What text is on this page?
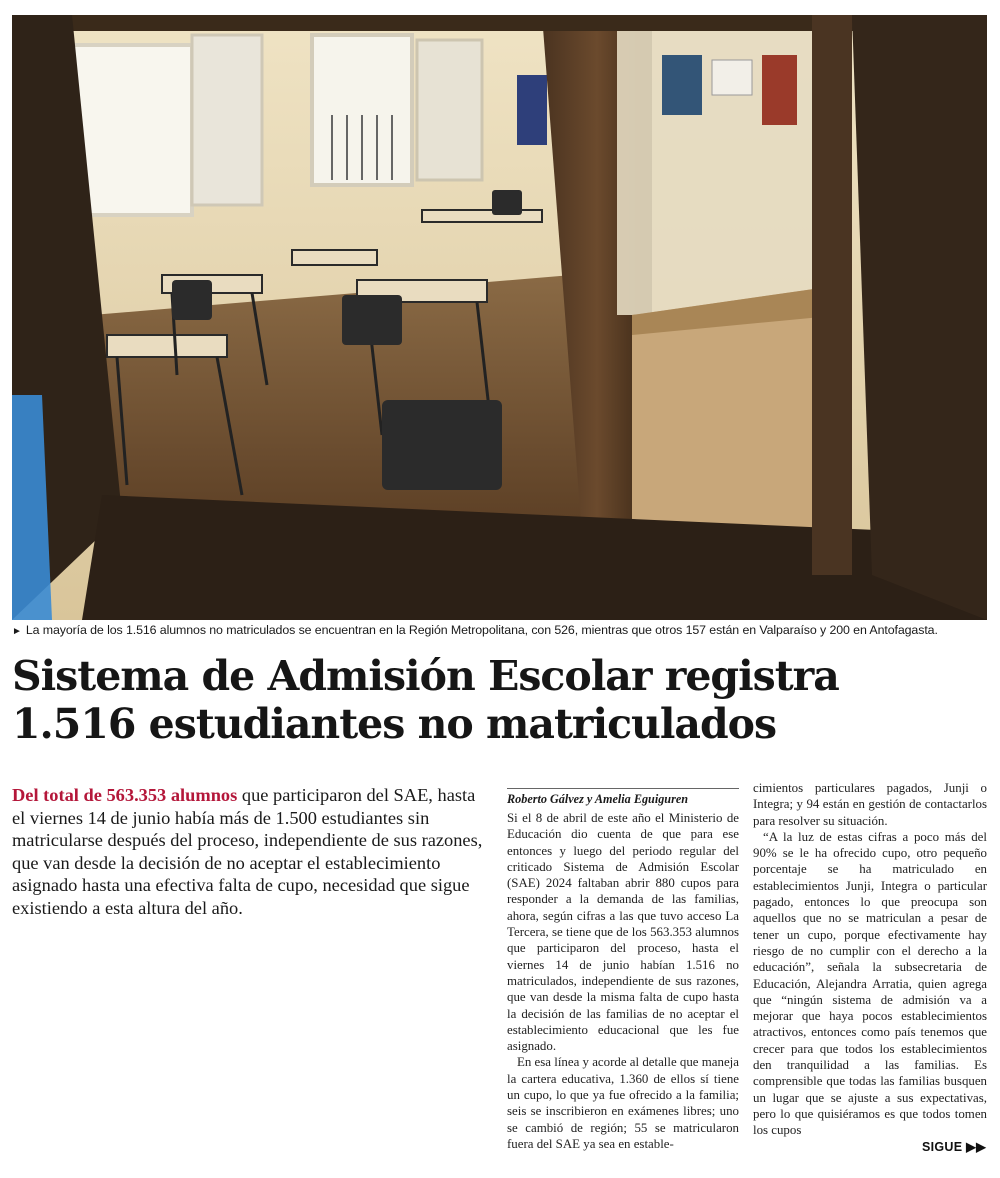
► La mayoría de los 1.516 alumnos no matriculados se encuentran en la Región Metropolitana, con 526, mientras que otros 157 están en Valparaíso y 200 en Antofagasta.
Sistema de Admisión Escolar registra
1.516 estudiantes no matriculados

Del total de 563.353 alumnos que participaron del SAE, hasta el viernes 14 de junio había más de 1.500 estudiantes sin matricularse después del proceso, independiente de sus razones, que van desde la decisión de no aceptar el establecimiento asignado hasta una efectiva falta de cupo, necesidad que sigue existiendo a esta altura del año.

Roberto Gálvez y Amelia Eguiguren

Si el 8 de abril de este año el Ministerio de Educación dio cuenta de que para ese entonces y luego del periodo regular del criticado Sistema de Admisión Escolar (SAE) 2024 faltaban abrir 880 cupos para responder a la demanda de las familias, ahora, según cifras a las que tuvo acceso La Tercera, se tiene que de los 563.353 alumnos que participaron del proceso, hasta el viernes 14 de junio habían 1.516 no matriculados, independiente de sus razones, que van desde la misma falta de cupo hasta la decisión de las familias de no aceptar el establecimiento educacional que les fue asignado.

En esa línea y acorde al detalle que maneja la cartera educativa, 1.360 de ellos sí tiene un cupo, lo que ya fue ofrecido a la familia; seis se inscribieron en exámenes libres; uno se cambió de región; 55 se matricularon fuera del SAE ya sea en estable-

cimientos particulares pagados, Junji o Integra; y 94 están en gestión de contactarlos para resolver su situación.

“A la luz de estas cifras a poco más del 90% se le ha ofrecido cupo, otro pequeño porcentaje se ha matriculado en establecimientos Junji, Integra o particular pagado, entonces lo que preocupa son aquellos que no se matriculan a pesar de tener un cupo, porque efectivamente hay riesgo de no cumplir con el derecho a la educación”, señala la subsecretaria de Educación, Alejandra Arratia, quien agrega que “ningún sistema de admisión va a mejorar que haya pocos establecimientos atractivos, entonces como país tenemos que crecer para que todos los establecimientos den tranquilidad a las familias. Es comprensible que todas las familias busquen un lugar que se ajuste a sus expectativas, pero lo que quisiéramos es que todos tomen los cupos

SIGUE ▶▶
